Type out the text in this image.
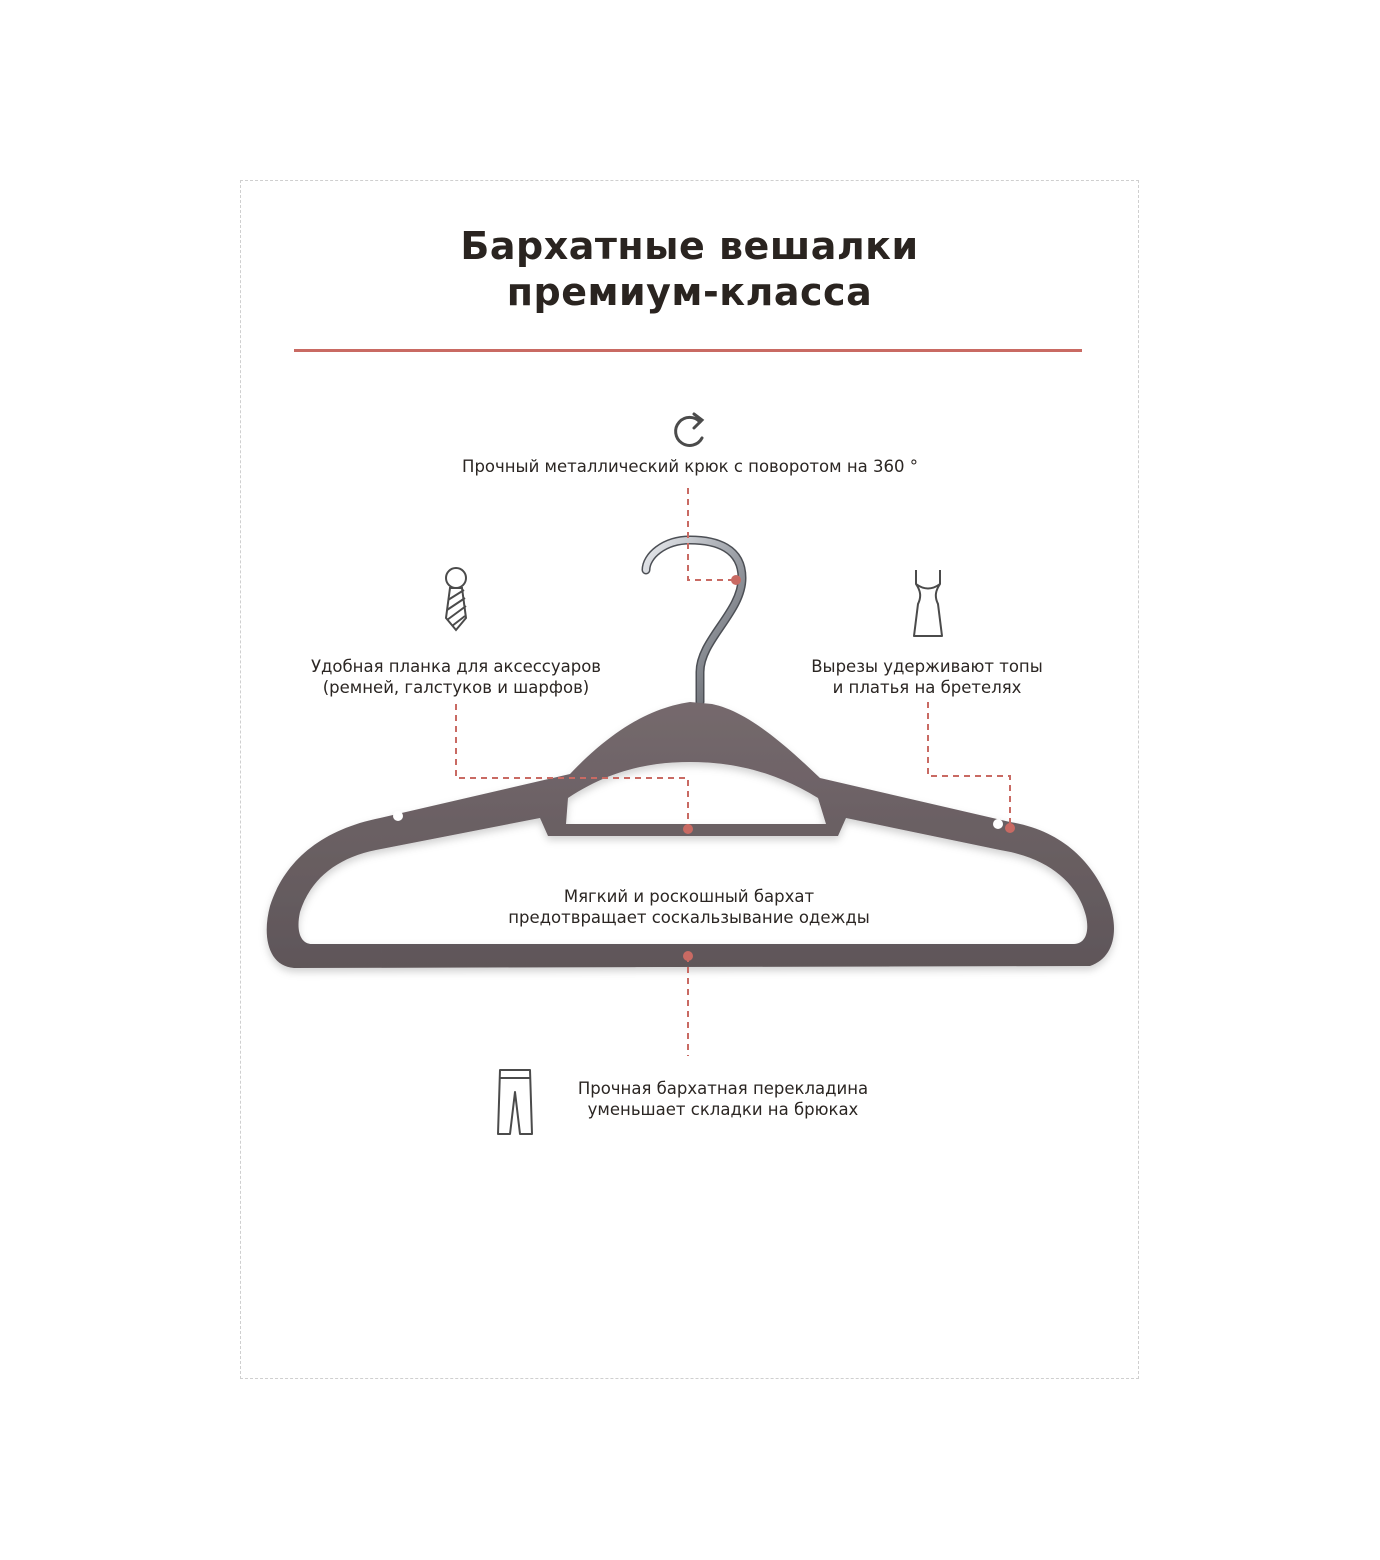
Бархатные вешалки
премиум-класса
Прочный металлический крюк с поворотом на 360 °
Удобная планка для аксессуаров
(ремней, галстуков и шарфов)
Вырезы удерживают топы
и платья на бретелях
Мягкий и роскошный бархат
предотвращает соскальзывание одежды
Прочная бархатная перекладина
уменьшает складки на брюках
